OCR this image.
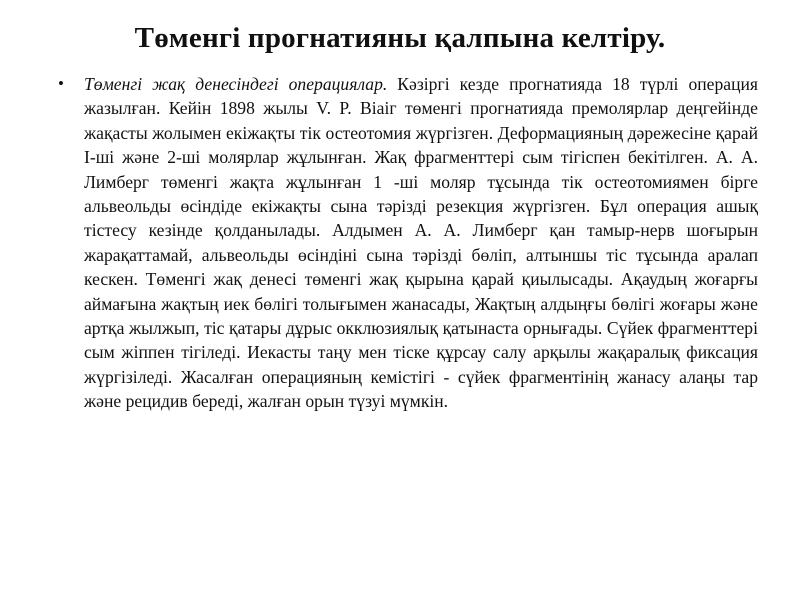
Төменгі прогнатияны қалпына келтіру.
• Төменгі жақ денесіндегі операциялар. Кәзіргі кезде прогнатияда 18 түрлі операция жазылған. Кейін 1898 жылы V. P. Biaiг төменгі прогнатияда премолярлар деңгейінде жақасты жолымен екіжақты тік остеотомия жүргізген. Деформацияның дәрежесіне қарай І-ші және 2-ші молярлар жұлынған. Жақ фрагменттері сым тігіспен бекітілген. А. А. Лимберг төменгі жақта жұлынған 1 -ші моляр тұсында тік остеотомиямен бірге альвеольды өсіндіде екіжақты сына тәрізді резекция жүргізген. Бұл операция ашық тістесу кезінде қолданылады. Алдымен А. А. Лимберг қан тамыр-нерв шоғырын жарақаттамай, альвеольды өсіндіні сына тәрізді бөліп, алтыншы тіс тұсында аралап кескен. Төменгі жақ денесі төменгі жақ қырына қарай қиылысады. Ақаудың жоғарғы аймағына жақтың иек бөлігі толығымен жанасады, Жақтың алдыңғы бөлігі жоғары және артқа жылжып, тіс қатары дұрыс окклюзиялық қатынаста орнығады. Сүйек фрагменттері сым жіппен тігіледі. Иекасты таңу мен тіске құрсау салу арқылы жақаралық фиксация жүргізіледі. Жасалған операцияның кемістігі - сүйек фрагментінің жанасу алаңы тар және рецидив береді, жалған орын түзуі мүмкін.
